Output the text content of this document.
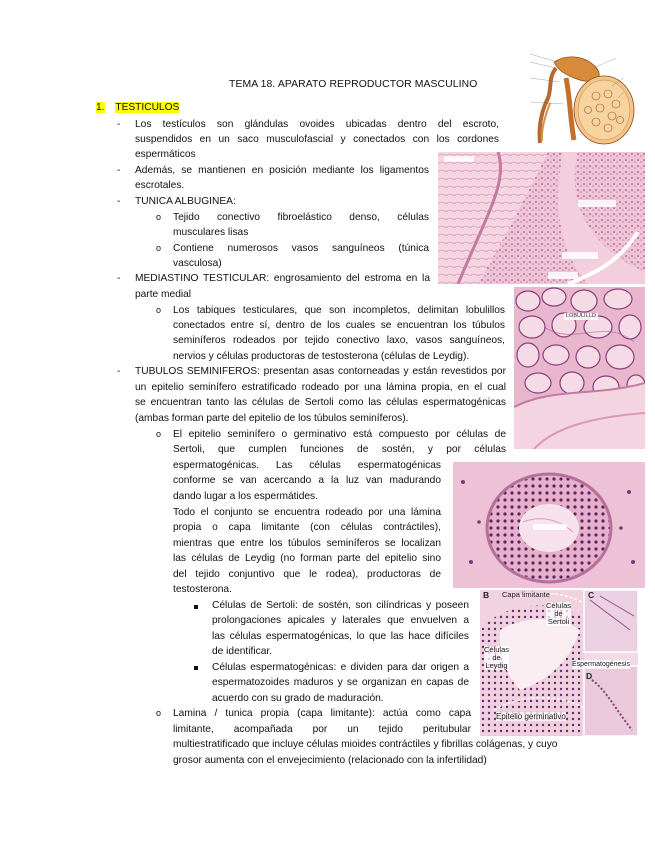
TEMA 18. APARATO REPRODUCTOR MASCULINO
1. TESTICULOS
-
-
-
-
-
o
o
o
o
o
Los testículos son glándulas ovoides ubicadas dentro del escroto,
suspendidos en un saco musculofascial y conectados con los cordones
espermáticos
Además, se mantienen en posición mediante los ligamentos
escrotales.
TUNICA ALBUGINEA:
Tejido conectivo fibroelástico denso, células
musculares lisas
Contiene numerosos vasos sanguíneos (túnica
vasculosa)
MEDIASTINO TESTICULAR: engrosamiento del estroma en la
parte medial
Los tabiques testiculares, que son incompletos, delimitan lobulillos
conectados entre sí, dentro de los cuales se encuentran los túbulos
seminíferos rodeados por tejido conectivo laxo, vasos sanguíneos,
nervios y células productoras de testosterona (células de Leydig).
TUBULOS SEMINIFEROS: presentan asas contorneadas y están revestidos por
un epitelio seminífero estratificado rodeado por una lámina propia, en el cual
se encuentran tanto las células de Sertoli como las células espermatogénicas
(ambas forman parte del epitelio de los túbulos seminíferos).
El epitelio seminífero o germinativo está compuesto por células de
Sertoli, que cumplen funciones de sostén, y por células
espermatogénicas. Las células espermatogénicas
conforme se van acercando a la luz van madurando
dando lugar a los espermátides.
Todo el conjunto se encuentra rodeado por una lámina
propia o capa limitante (con células contráctiles),
mientras que entre los túbulos seminíferos se localizan
las células de Leydig (no forman parte del epitelio sino
del tejido conjuntivo que le rodea), productoras de
testosterona.
Células de Sertoli: de sostén, son cilíndricas y poseen
prolongaciones apicales y laterales que envuelven a
las células espermatogénicas, lo que las hace difíciles
de identificar.
Células espermatogénicas: e dividen para dar origen a
espermatozoides maduros y se organizan en capas de
acuerdo con su grado de maduración.
Lamina / tunica propia (capa limitante): actúa como capa
limitante, acompañada por un tejido peritubular
multiestratificado que incluye células mioides contráctiles y fibrillas colágenas, y cuyo
grosor aumenta con el envejecimiento (relacionado con la infertilidad)
LOBULILLO
B	C
D
Capa limitante
Células
de
Sertoli
Células
de
Leydig	Espermatogénesis
Epitelio germinativo
